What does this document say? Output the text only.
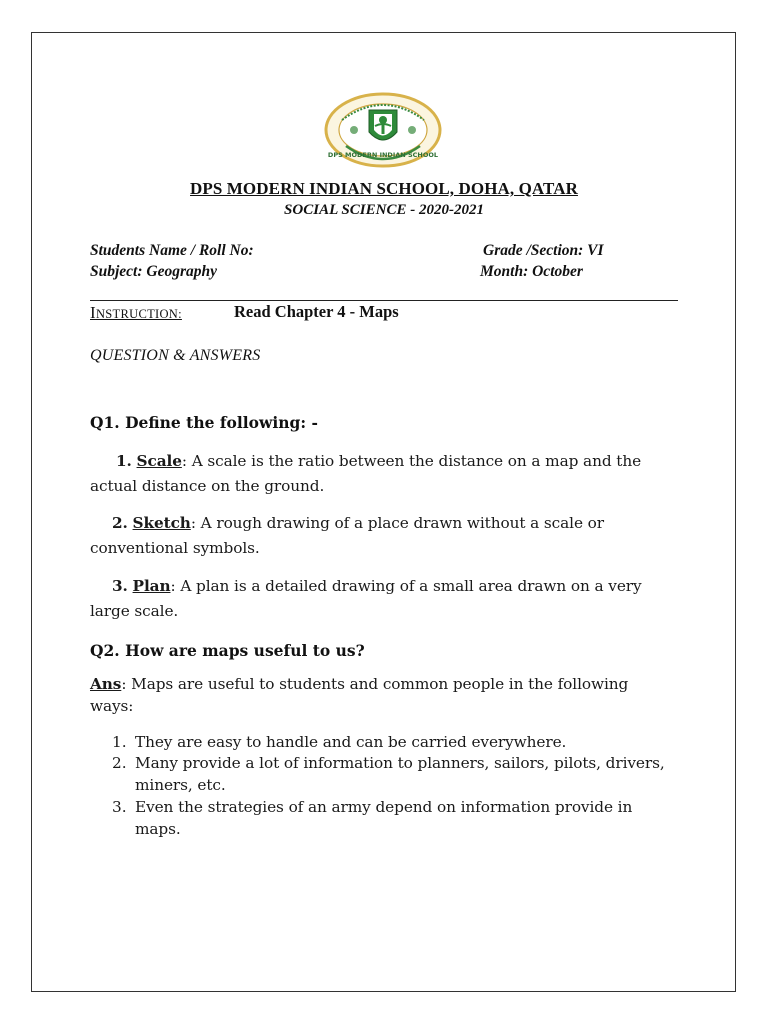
DPS MODERN INDIAN SCHOOL
DPS MODERN INDIAN SCHOOL, DOHA, QATAR
SOCIAL SCIENCE - 2020-2021
Students Name / Roll No:	Grade /Section: VI
Subject: Geography	Month: October
INSTRUCTION:	Read Chapter 4 - Maps
QUESTION & ANSWERS
Q1. Define the following: -
1. Scale: A scale is the ratio between the distance on a map and the
actual distance on the ground.
2. Sketch: A rough drawing of a place drawn without a scale or
conventional symbols.
3. Plan: A plan is a detailed drawing of a small area drawn on a very
large scale.
Q2. How are maps useful to us?
Ans: Maps are useful to students and common people in the following
ways:
1. They are easy to handle and can be carried everywhere.
2. Many provide a lot of information to planners, sailors, pilots, drivers,
miners, etc.
3. Even the strategies of an army depend on information provide in
maps.
